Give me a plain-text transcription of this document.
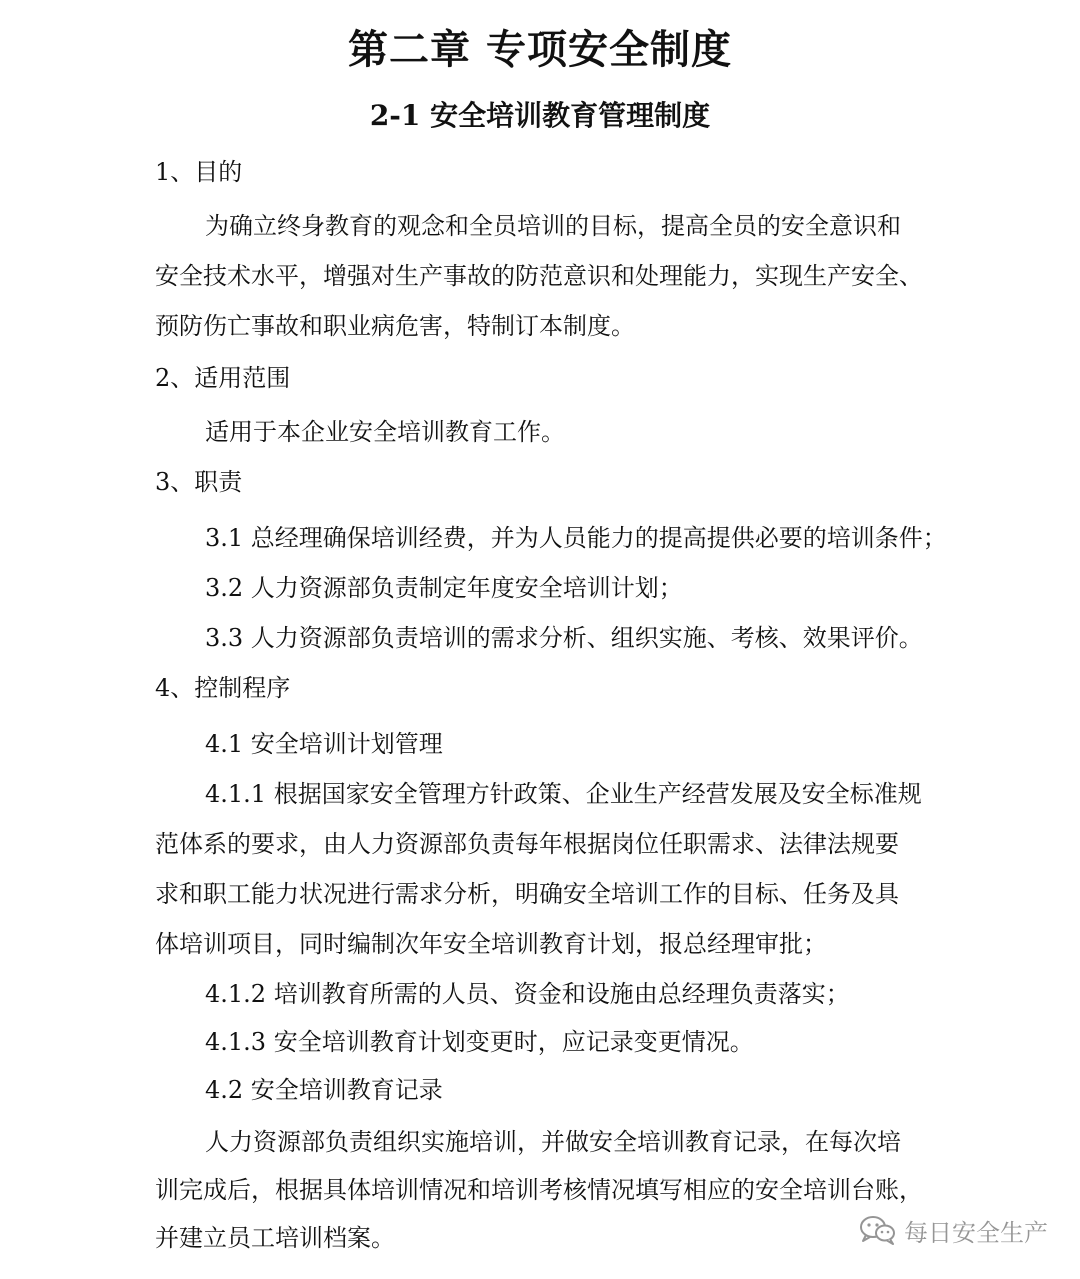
第二章 专项安全制度
2-1 安全培训教育管理制度
1、目的
为确立终身教育的观念和全员培训的目标，提高全员的安全意识和
安全技术水平，增强对生产事故的防范意识和处理能力，实现生产安全、
预防伤亡事故和职业病危害，特制订本制度。
2、适用范围
适用于本企业安全培训教育工作。
3、职责
3.1 总经理确保培训经费，并为人员能力的提高提供必要的培训条件；
3.2 人力资源部负责制定年度安全培训计划；
3.3 人力资源部负责培训的需求分析、组织实施、考核、效果评价。
4、控制程序
4.1 安全培训计划管理
4.1.1 根据国家安全管理方针政策、企业生产经营发展及安全标准规
范体系的要求，由人力资源部负责每年根据岗位任职需求、法律法规要
求和职工能力状况进行需求分析，明确安全培训工作的目标、任务及具
体培训项目，同时编制次年安全培训教育计划，报总经理审批；
4.1.2 培训教育所需的人员、资金和设施由总经理负责落实；
4.1.3 安全培训教育计划变更时，应记录变更情况。
4.2 安全培训教育记录
人力资源部负责组织实施培训，并做安全培训教育记录，在每次培
训完成后，根据具体培训情况和培训考核情况填写相应的安全培训台账，
并建立员工培训档案。	每日安全生产
